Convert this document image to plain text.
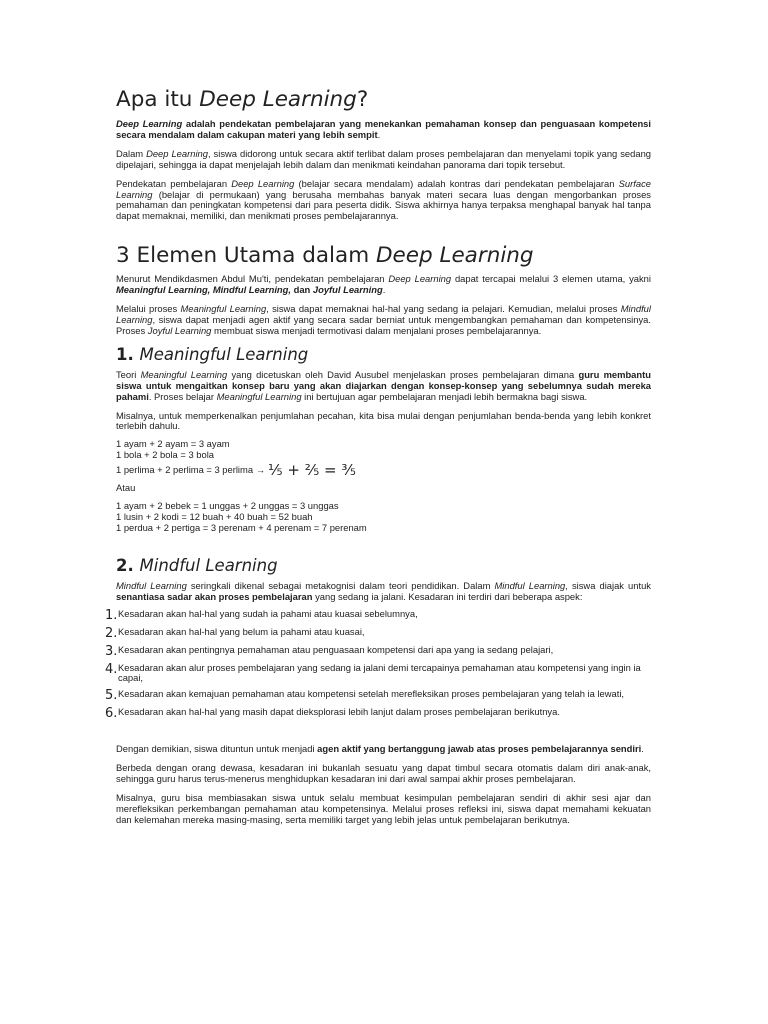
Apa itu Deep Learning?

Deep Learning adalah pendekatan pembelajaran yang menekankan pemahaman konsep dan penguasaan kompetensi secara mendalam dalam cakupan materi yang lebih sempit.

Dalam Deep Learning, siswa didorong untuk secara aktif terlibat dalam proses pembelajaran dan menyelami topik yang sedang dipelajari, sehingga ia dapat menjelajah lebih dalam dan menikmati keindahan panorama dari topik tersebut.

Pendekatan pembelajaran Deep Learning (belajar secara mendalam) adalah kontras dari pendekatan pembelajaran Surface Learning (belajar di permukaan) yang berusaha membahas banyak materi secara luas dengan mengorbankan proses pemahaman dan peningkatan kompetensi dari para peserta didik. Siswa akhirnya hanya terpaksa menghapal banyak hal tanpa dapat memaknai, memiliki, dan menikmati proses pembelajarannya.

3 Elemen Utama dalam Deep Learning

Menurut Mendikdasmen Abdul Mu'ti, pendekatan pembelajaran Deep Learning dapat tercapai melalui 3 elemen utama, yakni Meaningful Learning, Mindful Learning, dan Joyful Learning.

Melalui proses Meaningful Learning, siswa dapat memaknai hal-hal yang sedang ia pelajari. Kemudian, melalui proses Mindful Learning, siswa dapat menjadi agen aktif yang secara sadar berniat untuk mengembangkan pemahaman dan kompetensinya. Proses Joyful Learning membuat siswa menjadi termotivasi dalam menjalani proses pembelajarannya.

1. Meaningful Learning

Teori Meaningful Learning yang dicetuskan oleh David Ausubel menjelaskan proses pembelajaran dimana guru membantu siswa untuk mengaitkan konsep baru yang akan diajarkan dengan konsep-konsep yang sebelumnya sudah mereka pahami. Proses belajar Meaningful Learning ini bertujuan agar pembelajaran menjadi lebih bermakna bagi siswa.

Misalnya, untuk memperkenalkan penjumlahan pecahan, kita bisa mulai dengan penjumlahan benda-benda yang lebih konkret terlebih dahulu.

1 ayam + 2 ayam = 3 ayam
1 bola + 2 bola = 3 bola
1 perlima + 2 perlima = 3 perlima → ⅕ + ⅖ = ⅗

Atau

1 ayam + 2 bebek = 1 unggas + 2 unggas = 3 unggas
1 lusin + 2 kodi = 12 buah + 40 buah = 52 buah
1 perdua + 2 pertiga = 3 perenam + 4 perenam = 7 perenam
2. Mindful Learning

Mindful Learning seringkali dikenal sebagai metakognisi dalam teori pendidikan. Dalam Mindful Learning, siswa diajak untuk senantiasa sadar akan proses pembelajaran yang sedang ia jalani. Kesadaran ini terdiri dari beberapa aspek:

1. Kesadaran akan hal-hal yang sudah ia pahami atau kuasai sebelumnya,
2. Kesadaran akan hal-hal yang belum ia pahami atau kuasai,
3. Kesadaran akan pentingnya pemahaman atau penguasaan kompetensi dari apa yang ia sedang pelajari,
4. Kesadaran akan alur proses pembelajaran yang sedang ia jalani demi tercapainya pemahaman atau kompetensi yang ingin ia capai,
5. Kesadaran akan kemajuan pemahaman atau kompetensi setelah merefleksikan proses pembelajaran yang telah ia lewati,
6. Kesadaran akan hal-hal yang masih dapat dieksplorasi lebih lanjut dalam proses pembelajaran berikutnya.

Dengan demikian, siswa dituntun untuk menjadi agen aktif yang bertanggung jawab atas proses pembelajarannya sendiri.

Berbeda dengan orang dewasa, kesadaran ini bukanlah sesuatu yang dapat timbul secara otomatis dalam diri anak-anak, sehingga guru harus terus-menerus menghidupkan kesadaran ini dari awal sampai akhir proses pembelajaran.

Misalnya, guru bisa membiasakan siswa untuk selalu membuat kesimpulan pembelajaran sendiri di akhir sesi ajar dan merefleksikan perkembangan pemahaman atau kompetensinya. Melalui proses refleksi ini, siswa dapat memahami kekuatan dan kelemahan mereka masing-masing, serta memiliki target yang lebih jelas untuk pembelajaran berikutnya.
